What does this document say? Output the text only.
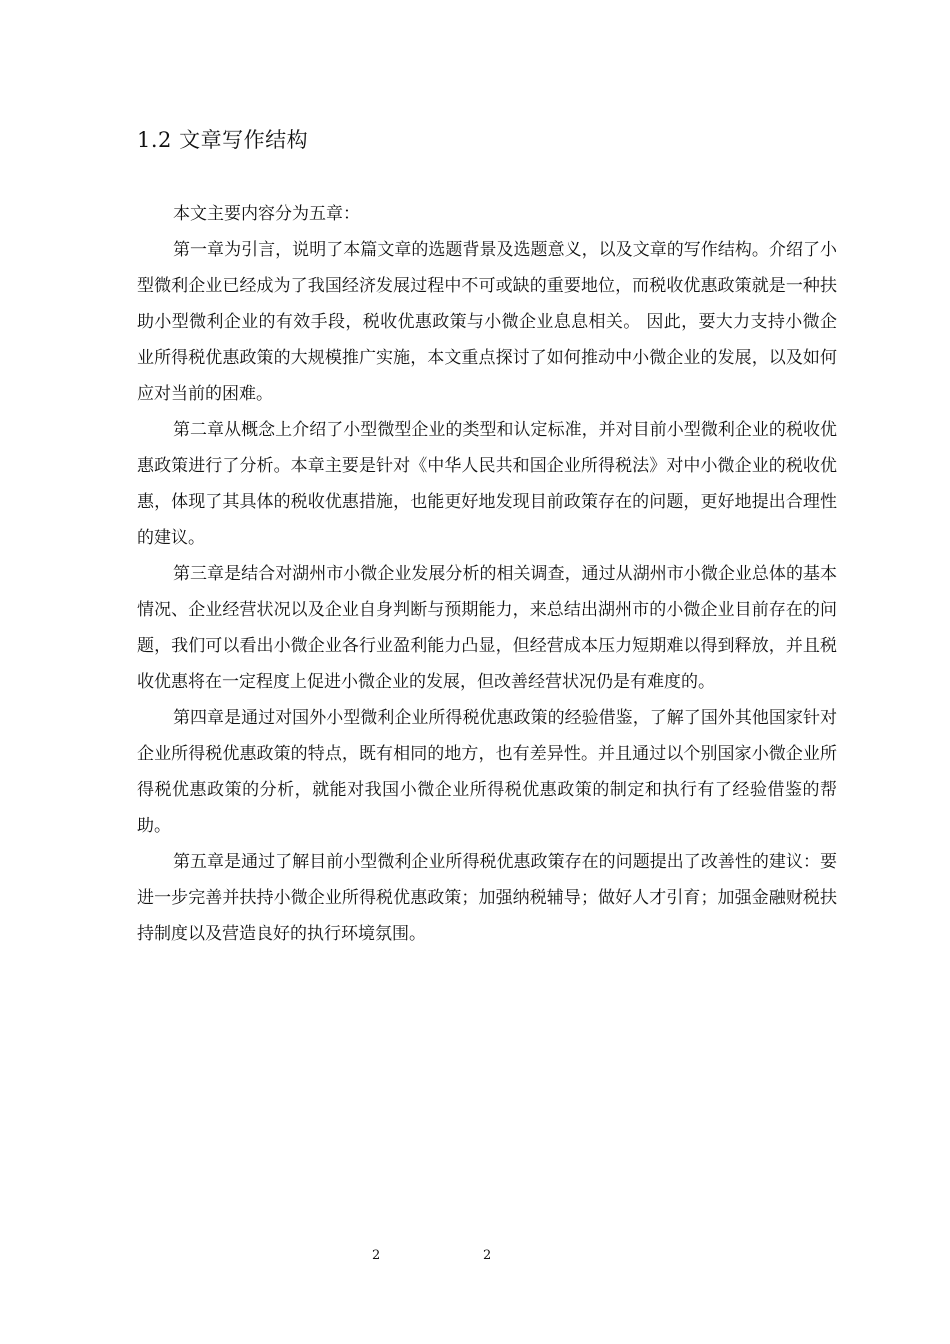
1.2 文章写作结构

本文主要内容分为五章：

第一章为引言，说明了本篇文章的选题背景及选题意义，以及文章的写作结构。介绍了小型微利企业已经成为了我国经济发展过程中不可或缺的重要地位，而税收优惠政策就是一种扶助小型微利企业的有效手段，税收优惠政策与小微企业息息相关。 因此，要大力支持小微企业所得税优惠政策的大规模推广实施，本文重点探讨了如何推动中小微企业的发展，以及如何应对当前的困难。

第二章从概念上介绍了小型微型企业的类型和认定标准，并对目前小型微利企业的税收优惠政策进行了分析。本章主要是针对《中华人民共和国企业所得税法》对中小微企业的税收优惠，体现了其具体的税收优惠措施，也能更好地发现目前政策存在的问题，更好地提出合理性的建议。

第三章是结合对湖州市小微企业发展分析的相关调查，通过从湖州市小微企业总体的基本情况、企业经营状况以及企业自身判断与预期能力，来总结出湖州市的小微企业目前存在的问题，我们可以看出小微企业各行业盈利能力凸显，但经营成本压力短期难以得到释放，并且税收优惠将在一定程度上促进小微企业的发展，但改善经营状况仍是有难度的。

第四章是通过对国外小型微利企业所得税优惠政策的经验借鉴，了解了国外其他国家针对企业所得税优惠政策的特点，既有相同的地方，也有差异性。并且通过以个别国家小微企业所得税优惠政策的分析，就能对我国小微企业所得税优惠政策的制定和执行有了经验借鉴的帮助。

第五章是通过了解目前小型微利企业所得税优惠政策存在的问题提出了改善性的建议：要进一步完善并扶持小微企业所得税优惠政策；加强纳税辅导；做好人才引育；加强金融财税扶持制度以及营造良好的执行环境氛围。

2	2
